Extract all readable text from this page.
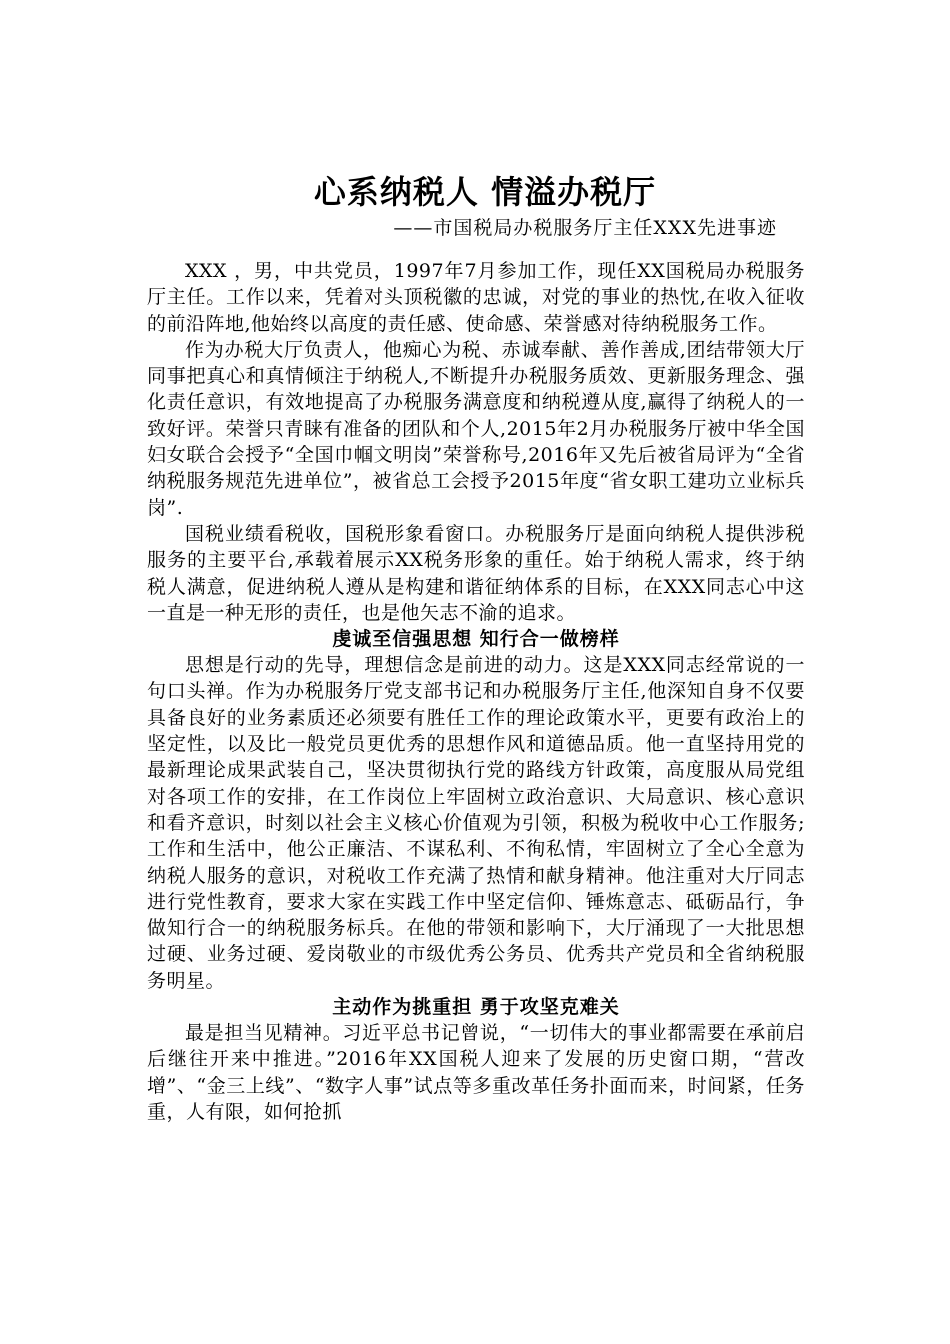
心系纳税人 情溢办税厅

——市国税局办税服务厅主任XXX先进事迹

XXX ，男，中共党员，1997年7月参加工作，现任XX国税局办税服务厅主任。工作以来，凭着对头顶税徽的忠诚，对党的事业的热忱,在收入征收的前沿阵地,他始终以高度的责任感、使命感、荣誉感对待纳税服务工作。

作为办税大厅负责人，他痴心为税、赤诚奉献、善作善成,团结带领大厅同事把真心和真情倾注于纳税人,不断提升办税服务质效、更新服务理念、强化责任意识，有效地提高了办税服务满意度和纳税遵从度,赢得了纳税人的一致好评。荣誉只青睐有准备的团队和个人,2015年2月办税服务厅被中华全国妇女联合会授予“全国巾帼文明岗”荣誉称号,2016年又先后被省局评为“全省纳税服务规范先进单位”，被省总工会授予2015年度“省女职工建功立业标兵岗”.

国税业绩看税收，国税形象看窗口。办税服务厅是面向纳税人提供涉税服务的主要平台,承载着展示XX税务形象的重任。始于纳税人需求，终于纳税人满意，促进纳税人遵从是构建和谐征纳体系的目标，在XXX同志心中这一直是一种无形的责任，也是他矢志不渝的追求。

虔诚至信强思想 知行合一做榜样

思想是行动的先导，理想信念是前进的动力。这是XXX同志经常说的一句口头禅。作为办税服务厅党支部书记和办税服务厅主任,他深知自身不仅要具备良好的业务素质还必须要有胜任工作的理论政策水平，更要有政治上的坚定性，以及比一般党员更优秀的思想作风和道德品质。他一直坚持用党的最新理论成果武装自己，坚决贯彻执行党的路线方针政策，高度服从局党组对各项工作的安排，在工作岗位上牢固树立政治意识、大局意识、核心意识和看齐意识，时刻以社会主义核心价值观为引领，积极为税收中心工作服务;工作和生活中，他公正廉洁、不谋私利、不徇私情，牢固树立了全心全意为纳税人服务的意识，对税收工作充满了热情和献身精神。他注重对大厅同志进行党性教育，要求大家在实践工作中坚定信仰、锤炼意志、砥砺品行，争做知行合一的纳税服务标兵。在他的带领和影响下，大厅涌现了一大批思想过硬、业务过硬、爱岗敬业的市级优秀公务员、优秀共产党员和全省纳税服务明星。

主动作为挑重担 勇于攻坚克难关

最是担当见精神。习近平总书记曾说，“一切伟大的事业都需要在承前启后继往开来中推进。”2016年XX国税人迎来了发展的历史窗口期，“营改增”、“金三上线”、“数字人事”试点等多重改革任务扑面而来，时间紧，任务重，人有限，如何抢抓
